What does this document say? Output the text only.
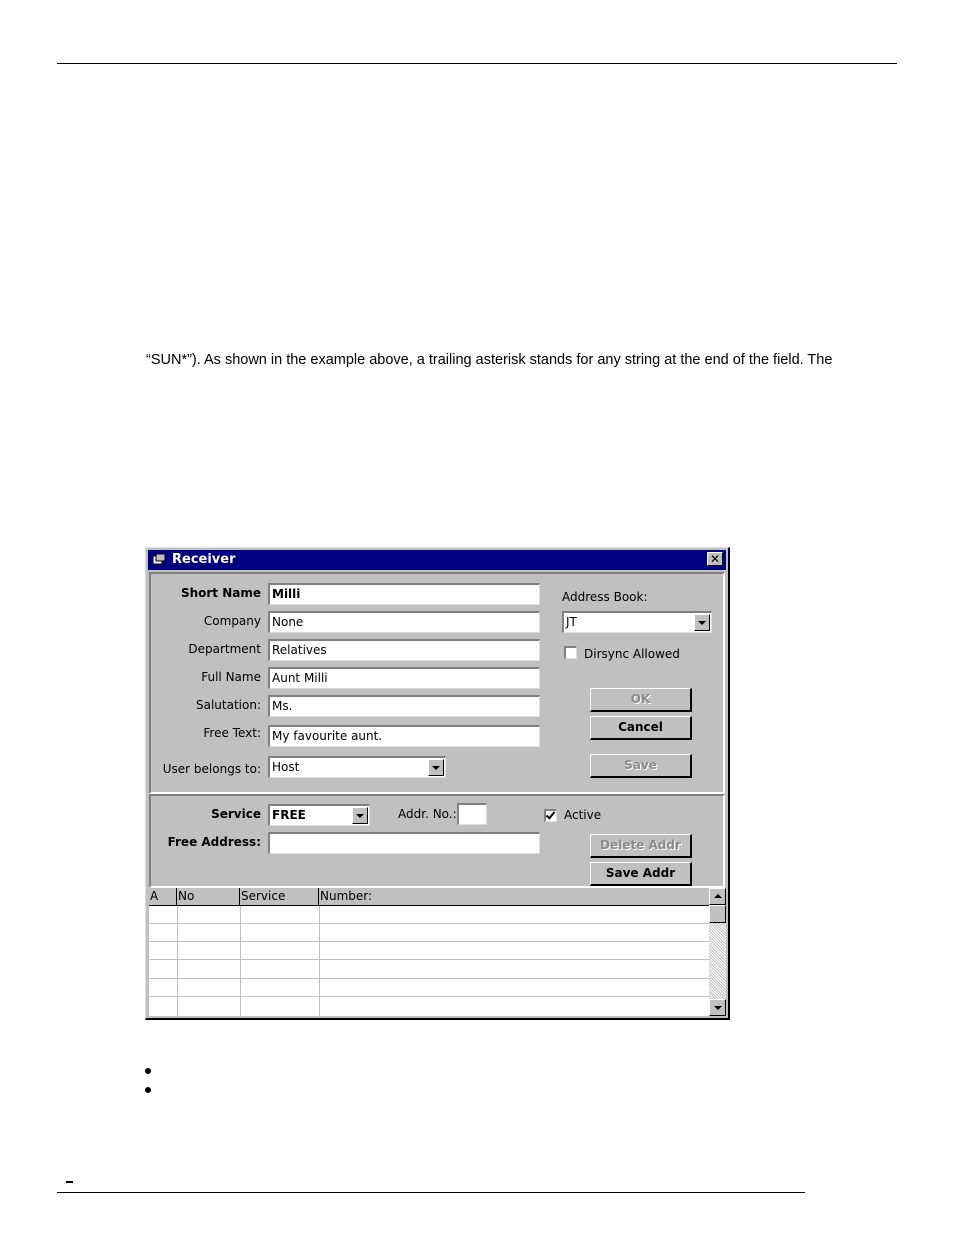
“SUN*”). As shown in the example above, a trailing asterisk stands for any string at the end of the field. The
Receiver	✕
Short Name Milli
Company None
Department Relatives
Full Name Aunt Milli
Salutation: Ms.
Free Text: My favourite aunt.
User belongs to: Host
Address Book:
JT
Dirsync Allowed
OK
Cancel
Save
Service FREE	Addr. No.:	Active
Free Address:	Delete Addr
Save Addr
A	No	Service	Number:
